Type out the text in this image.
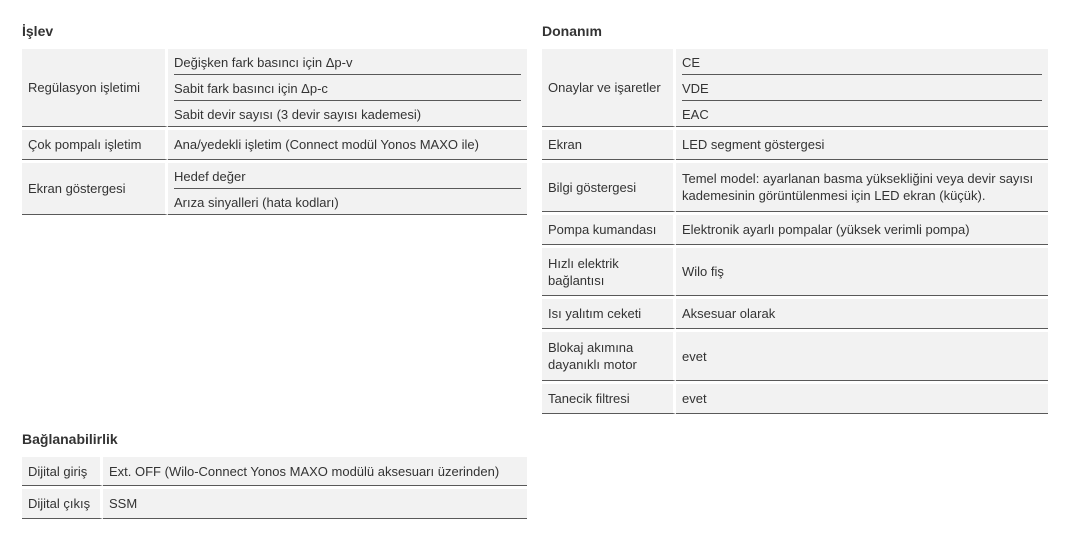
İşlev
Regülasyon işletimi	Değişken fark basıncı için Δp-v
Sabit fark basıncı için Δp-c
Sabit devir sayısı (3 devir sayısı kademesi)

Çok pompalı işletim	Ana/yedekli işletim (Connect modül Yonos MAXO ile)

Ekran göstergesi	Hedef değer
Arıza sinyalleri (hata kodları)
Donanım
Onaylar ve işaretler	CE
VDE
EAC

Ekran	LED segment göstergesi

Bilgi göstergesi	Temel model: ayarlanan basma yüksekliğini veya devir sayısı kademesinin görüntülenmesi için LED ekran (küçük).

Pompa kumandası	Elektronik ayarlı pompalar (yüksek verimli pompa)

Hızlı elektrik bağlantısı	Wilo fiş

Isı yalıtım ceketi	Aksesuar olarak

Blokaj akımına dayanıklı motor	evet

Tanecik filtresi	evet
Bağlanabilirlik
Dijital giriş	Ext. OFF (Wilo-Connect Yonos MAXO modülü aksesuarı üzerinden)

Dijital çıkış	SSM
